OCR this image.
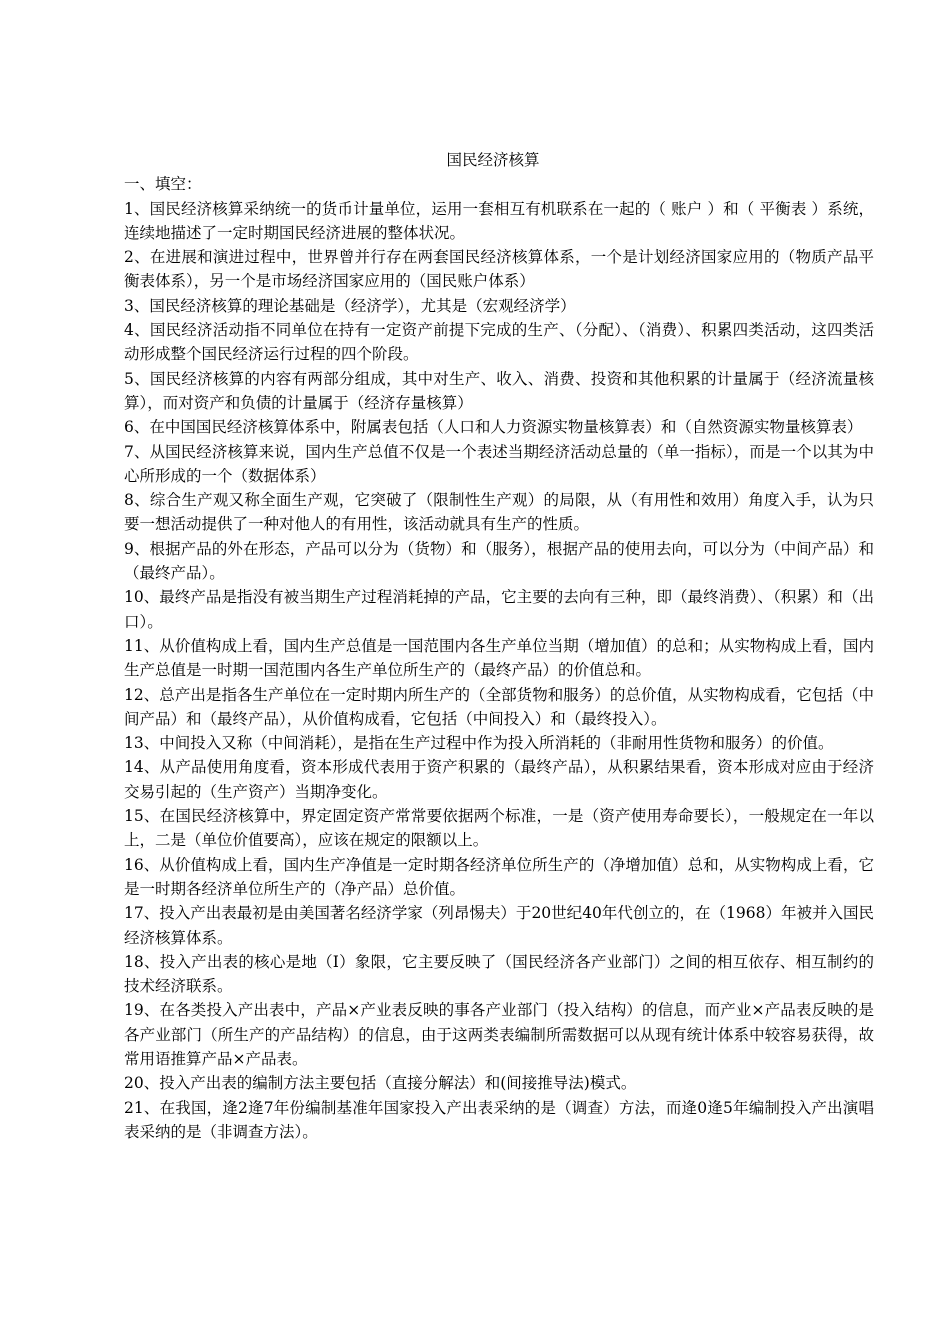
国民经济核算
一、填空：

1、国民经济核算采纳统一的货币计量单位，运用一套相互有机联系在一起的（ 账户 ）和（ 平衡表 ）系统，连续地描述了一定时期国民经济进展的整体状况。

2、在进展和演进过程中，世界曾并行存在两套国民经济核算体系，一个是计划经济国家应用的（物质产品平衡表体系），另一个是市场经济国家应用的（国民账户体系）

3、国民经济核算的理论基础是（经济学），尤其是（宏观经济学）

4、国民经济活动指不同单位在持有一定资产前提下完成的生产、（分配）、（消费）、积累四类活动，这四类活动形成整个国民经济运行过程的四个阶段。

5、国民经济核算的内容有两部分组成，其中对生产、收入、消费、投资和其他积累的计量属于（经济流量核算），而对资产和负债的计量属于（经济存量核算）

6、在中国国民经济核算体系中，附属表包括（人口和人力资源实物量核算表）和（自然资源实物量核算表）

7、从国民经济核算来说，国内生产总值不仅是一个表述当期经济活动总量的（单一指标），而是一个以其为中心所形成的一个（数据体系）

8、综合生产观又称全面生产观，它突破了（限制性生产观）的局限，从（有用性和效用）角度入手，认为只要一想活动提供了一种对他人的有用性，该活动就具有生产的性质。

9、根据产品的外在形态，产品可以分为（货物）和（服务），根据产品的使用去向，可以分为（中间产品）和（最终产品）。

10、最终产品是指没有被当期生产过程消耗掉的产品，它主要的去向有三种，即（最终消费）、（积累）和（出口）。

11、从价值构成上看，国内生产总值是一国范围内各生产单位当期（增加值）的总和；从实物构成上看，国内生产总值是一时期一国范围内各生产单位所生产的（最终产品）的价值总和。

12、总产出是指各生产单位在一定时期内所生产的（全部货物和服务）的总价值，从实物构成看，它包括（中间产品）和（最终产品），从价值构成看，它包括（中间投入）和（最终投入）。

13、中间投入又称（中间消耗），是指在生产过程中作为投入所消耗的（非耐用性货物和服务）的价值。

14、从产品使用角度看，资本形成代表用于资产积累的（最终产品），从积累结果看，资本形成对应由于经济交易引起的（生产资产）当期净变化。

15、在国民经济核算中，界定固定资产常常要依据两个标准，一是（资产使用寿命要长），一般规定在一年以上，二是（单位价值要高），应该在规定的限额以上。

16、从价值构成上看，国内生产净值是一定时期各经济单位所生产的（净增加值）总和，从实物构成上看，它是一时期各经济单位所生产的（净产品）总价值。

17、投入产出表最初是由美国著名经济学家（列昂惕夫）于20世纪40年代创立的，在（1968）年被并入国民经济核算体系。

18、投入产出表的核心是地（Ⅰ）象限，它主要反映了（国民经济各产业部门）之间的相互依存、相互制约的技术经济联系。

19、在各类投入产出表中，产品×产业表反映的事各产业部门（投入结构）的信息，而产业×产品表反映的是各产业部门（所生产的产品结构）的信息，由于这两类表编制所需数据可以从现有统计体系中较容易获得，故常用语推算产品×产品表。

20、投入产出表的编制方法主要包括（直接分解法）和(间接推导法)模式。

21、在我国，逄2逄7年份编制基准年国家投入产出表采纳的是（调查）方法，而逄0逄5年编制投入产出演唱表采纳的是（非调查方法）。
